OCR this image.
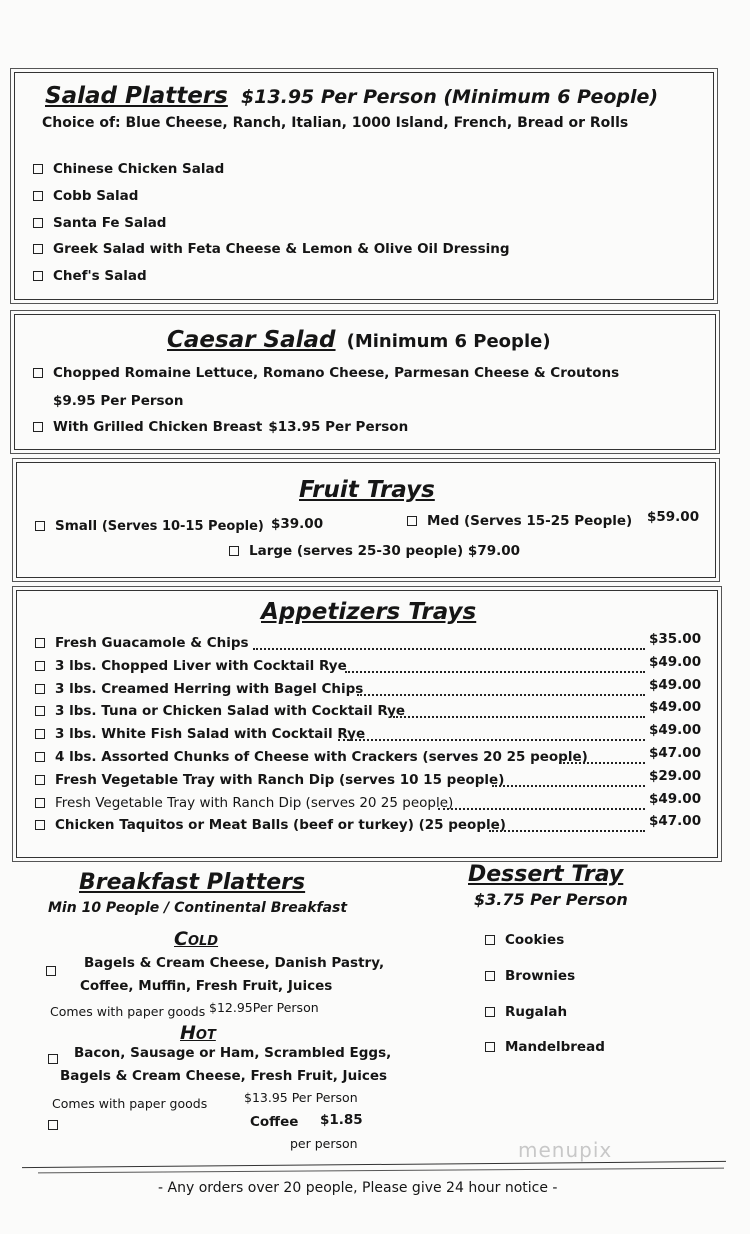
Salad Platters $13.95 Per Person (Minimum 6 People)
Choice of: Blue Cheese, Ranch, Italian, 1000 Island, French, Bread or Rolls
Chinese Chicken Salad
Cobb Salad
Santa Fe Salad
Greek Salad with Feta Cheese & Lemon & Olive Oil Dressing
Chef's Salad
Caesar Salad (Minimum 6 People)
Chopped Romaine Lettuce, Romano Cheese, Parmesan Cheese & Croutons
$9.95 Per Person
With Grilled Chicken Breast $13.95 Per Person
Fruit Trays
Small (Serves 10-15 People) $39.00	Med (Serves 15-25 People) $59.00
Large (serves 25-30 people) $79.00
Appetizers Trays
Fresh Guacamole & Chips	$35.00
3 lbs. Chopped Liver with Cocktail Rye	$49.00
3 lbs. Creamed Herring with Bagel Chips	$49.00
3 lbs. Tuna or Chicken Salad with Cocktail Rye	$49.00
3 lbs. White Fish Salad with Cocktail Rye	$49.00
4 lbs. Assorted Chunks of Cheese with Crackers (serves 20 25 people)	$47.00
Fresh Vegetable Tray with Ranch Dip (serves 10 15 people)	$29.00
Fresh Vegetable Tray with Ranch Dip (serves 20 25 people)	$49.00
Chicken Taquitos or Meat Balls (beef or turkey) (25 people)	$47.00
Breakfast Platters
Min 10 People / Continental Breakfast
Cold
Bagels & Cream Cheese, Danish Pastry,
Coffee, Muffin, Fresh Fruit, Juices
Comes with paper goods $12.95Per Person
Hot
Bacon, Sausage or Ham, Scrambled Eggs,
Bagels & Cream Cheese, Fresh Fruit, Juices
Comes with paper goods	$13.95 Per Person
Coffee $1.85
per person
Dessert Tray
$3.75 Per Person
Cookies
Brownies
Rugalah
Mandelbread
menupix
- Any orders over 20 people, Please give 24 hour notice -
